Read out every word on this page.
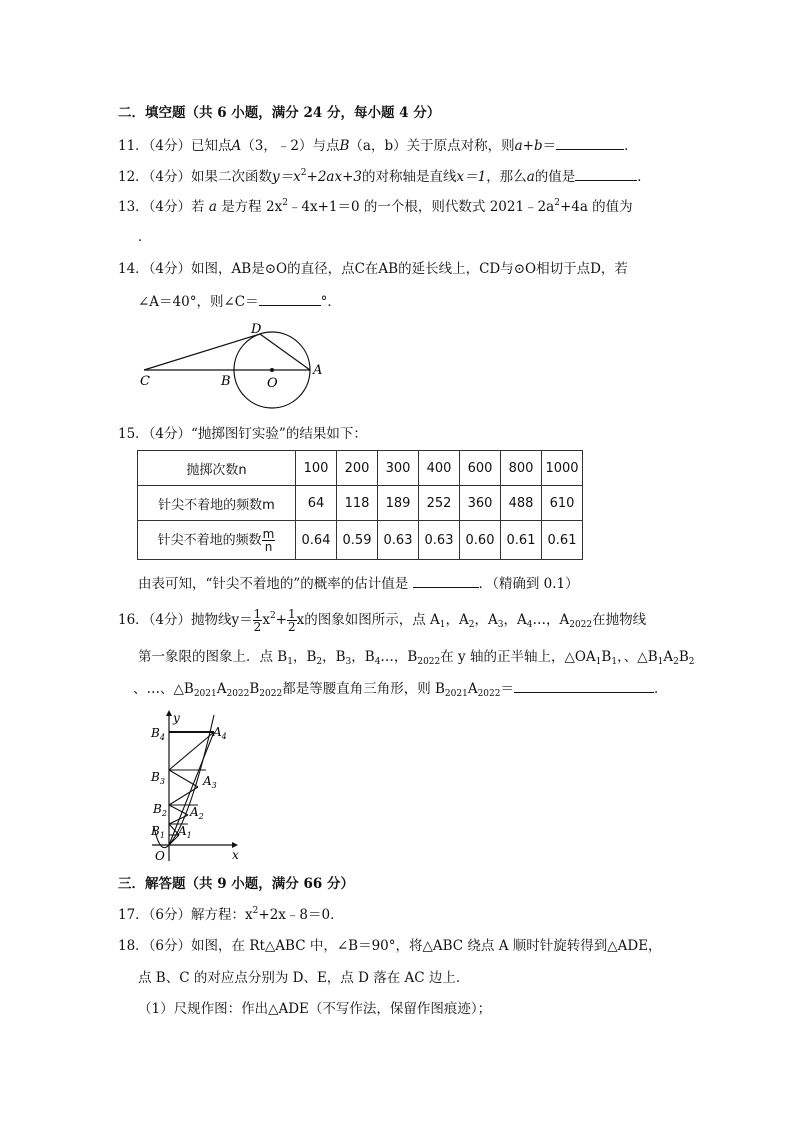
二．填空题（共 6 小题，满分 24 分，每小题 4 分）
11．（4分）已知点A（3，﹣2）与点B（a，b）关于原点对称，则a+b＝	．
12．（4分）如果二次函数$y=x^2+2ax+3$的对称轴是直线x＝1，那么a的值是	．
13．（4分）若 a 是方程 $2x^2﹣4x+1=0$ 的一个根，则代数式 $2021﹣2a^2+4a$ 的值为
．
14．（4分）如图，AB是⊙O的直径，点C在AB的延长线上，CD与⊙O相切于点D，若
∠A＝40°，则∠C＝	°．
C	B	O
A
D
15．（4分）“抛掷图钉实验”的结果如下：
抛掷次数n	100	200	300	400	600	800	1000
针尖不着地的频数m	64	118	189	252	360	488	610
针尖不着地的频数 $\frac{m}{n}$	0.64	0.59	0.63	0.63	0.60	0.61	0.61
由表可知，“针尖不着地的”的概率的估计值是	．（精确到 0.1）
16．（4分）抛物线$y= \frac{1}{2} x^2+ \frac{1}{2}$ x的图象如图所示，点 $A_1$，$A_2$，$A_3$，$A_4\dots$，$A_{2022}$在抛物线
第一象限的图象上．点 $B_1$，$B_2$，$B_3$，$B_4\dots$，$B_{2022}$在 y 轴的正半轴上，$\triangle OA_1B_1$，、$\triangle B_1A_2B_2$
、…、$\triangle B_{2021}A_{2022}B_{2022}$都是等腰直角三角形，则 $B_{2021}A_{2022}=$	．
y
x
O
$B_4$
$B_3$
$B_2$
$B_1$
$A_4$
$A_3$
$A_2$
$A_1$
三．解答题（共 9 小题，满分 66 分）
17．（6分）解方程：$x^2+2x﹣8=0$．
18．（6分）如图，在 Rt△ABC 中，∠B＝90°，将△ABC 绕点 A 顺时针旋转得到△ADE，
点 B、C 的对应点分别为 D、E，点 D 落在 AC 边上．
（1）尺规作图：作出△ADE（不写作法，保留作图痕迹）；
